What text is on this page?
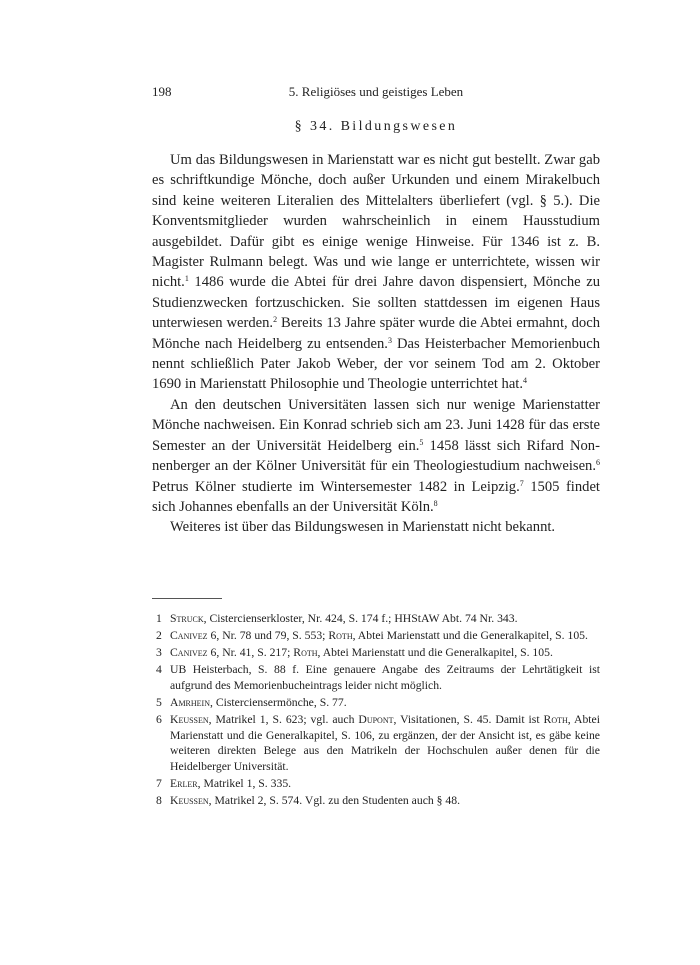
198	5. Religiöses und geistiges Leben
§ 34. Bildungswesen

Um das Bildungswesen in Marienstatt war es nicht gut bestellt. Zwar gab es schriftkundige Mönche, doch außer Urkunden und einem Mirakelbuch sind keine weiteren Literalien des Mittelalters überliefert (vgl. § 5.). Die Konventsmitglieder wurden wahrscheinlich in einem Hausstudium ausgebildet. Dafür gibt es einige wenige Hinweise. Für 1346 ist z. B. Magister Rulmann belegt. Was und wie lange er unterrichtete, wissen wir nicht.$^1$ 1486 wurde die Abtei für drei Jahre davon dispensiert, Mönche zu Studienzwecken fortzuschicken. Sie sollten stattdessen im eigenen Haus unterwiesen werden.$^2$ Bereits 13 Jahre später wurde die Abtei ermahnt, doch Mönche nach Heidelberg zu entsenden.$^3$ Das Heisterbacher Memorienbuch nennt schließlich Pater Jakob Weber, der vor seinem Tod am 2. Oktober 1690 in Marienstatt Philosophie und Theologie unterrichtet hat.$^4$

An den deutschen Universitäten lassen sich nur wenige Marienstatter Mönche nachweisen. Ein Konrad schrieb sich am 23. Juni 1428 für das erste Semester an der Universität Heidelberg ein.$^5$ 1458 lässt sich Rifard Nonnenberger an der Kölner Universität für ein Theologiestudium nachweisen.$^6$ Petrus Kölner studierte im Wintersemester 1482 in Leipzig.$^7$ 1505 findet sich Johannes ebenfalls an der Universität Köln.$^8$

Weiteres ist über das Bildungswesen in Marienstatt nicht bekannt.

1 Struck, Cistercienserkloster, Nr. 424, S. 174 f.; HHStAW Abt. 74 Nr. 343.
2 Canivez 6, Nr. 78 und 79, S. 553; Roth, Abtei Marienstatt und die Generalkapitel, S. 105.
3 Canivez 6, Nr. 41, S. 217; Roth, Abtei Marienstatt und die Generalkapitel, S. 105.
4 UB Heisterbach, S. 88 f. Eine genauere Angabe des Zeitraums der Lehrtätigkeit ist aufgrund des Memorienbucheintrags leider nicht möglich.
5 Amrhein, Cisterciensermönche, S. 77.
6 Keussen, Matrikel 1, S. 623; vgl. auch Dupont, Visitationen, S. 45. Damit ist Roth, Abtei Marienstatt und die Generalkapitel, S. 106, zu ergänzen, der der Ansicht ist, es gäbe keine weiteren direkten Belege aus den Matrikeln der Hochschulen außer denen für die Heidelberger Universität.
7 Erler, Matrikel 1, S. 335.
8 Keussen, Matrikel 2, S. 574. Vgl. zu den Studenten auch § 48.
